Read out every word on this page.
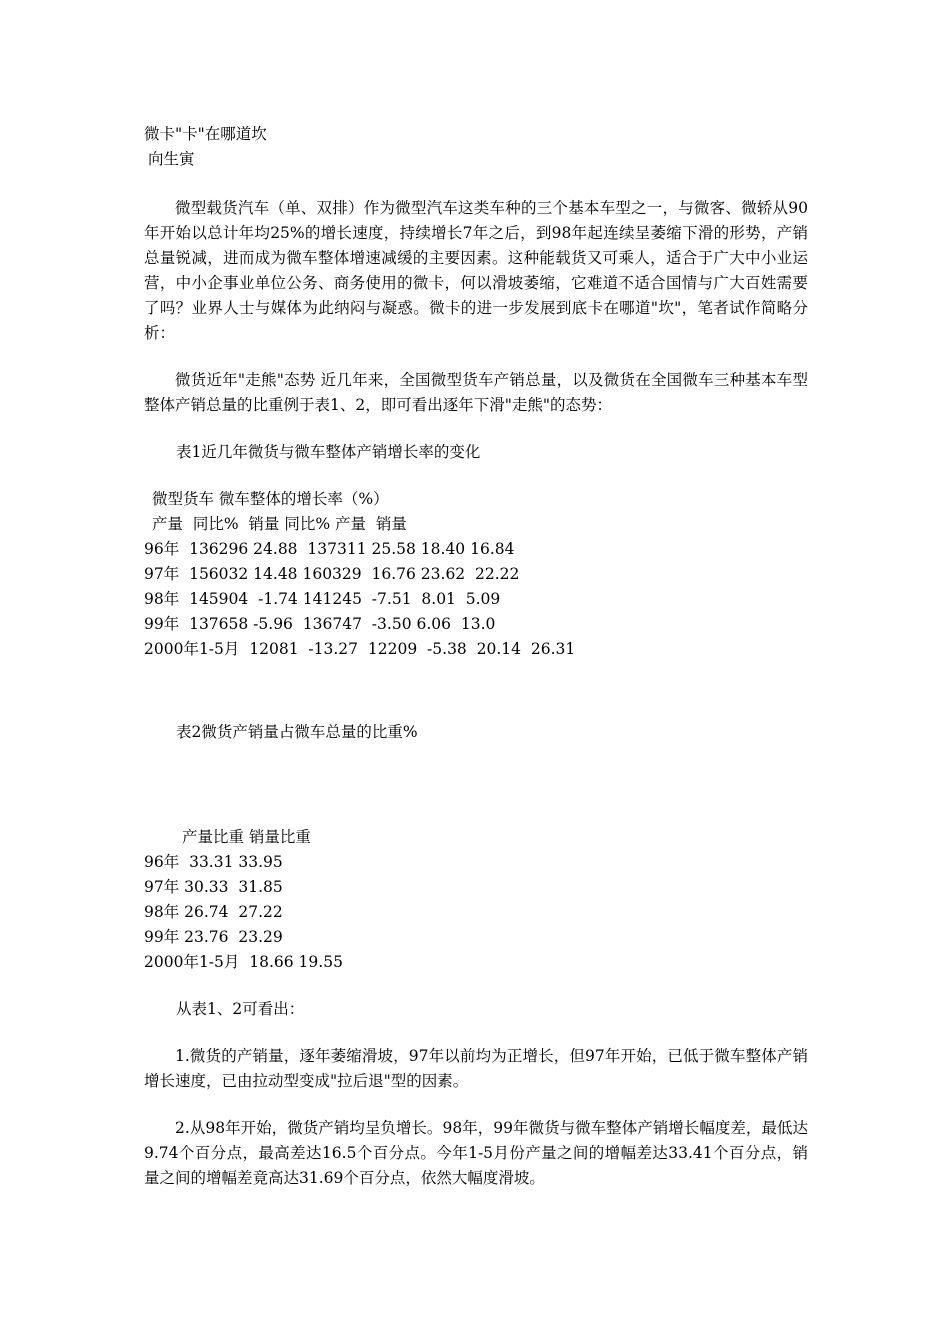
微卡"卡"在哪道坎
向生寅
微型载货汽车（单、双排）作为微型汽车这类车种的三个基本车型之一，与微客、微轿从90年开始以总计年均25%的增长速度，持续增长7年之后，到98年起连续呈萎缩下滑的形势，产销总量锐减，进而成为微车整体增速减缓的主要因素。这种能载货又可乘人，适合于广大中小业运营，中小企事业单位公务、商务使用的微卡，何以滑坡萎缩，它难道不适合国情与广大百姓需要了吗？业界人士与媒体为此纳闷与凝惑。微卡的进一步发展到底卡在哪道"坎"，笔者试作简略分析：
微货近年"走熊"态势 近几年来，全国微型货车产销总量，以及微货在全国微车三种基本车型整体产销总量的比重例于表1、2，即可看出逐年下滑"走熊"的态势：
表1近几年微货与微车整体产销增长率的变化
微型货车 微车整体的增长率（%）
产量  同比%  销量 同比% 产量  销量
96年  136296 24.88  137311 25.58 18.40 16.84
97年  156032 14.48 160329  16.76 23.62  22.22
98年  145904  -1.74 141245  -7.51  8.01  5.09
99年  137658 -5.96  136747  -3.50 6.06  13.0
2000年1-5月  12081  -13.27  12209  -5.38  20.14  26.31
表2微货产销量占微车总量的比重%
产量比重 销量比重
96年  33.31 33.95
97年 30.33  31.85
98年 26.74  27.22
99年 23.76  23.29
2000年1-5月  18.66 19.55
从表1、2可看出：
1.微货的产销量，逐年萎缩滑坡，97年以前均为正增长，但97年开始，已低于微车整体产销增长速度，已由拉动型变成"拉后退"型的因素。
2.从98年开始，微货产销均呈负增长。98年，99年微货与微车整体产销增长幅度差，最低达9.74个百分点，最高差达16.5个百分点。今年1-5月份产量之间的增幅差达33.41个百分点，销量之间的增幅差竟高达31.69个百分点，依然大幅度滑坡。
